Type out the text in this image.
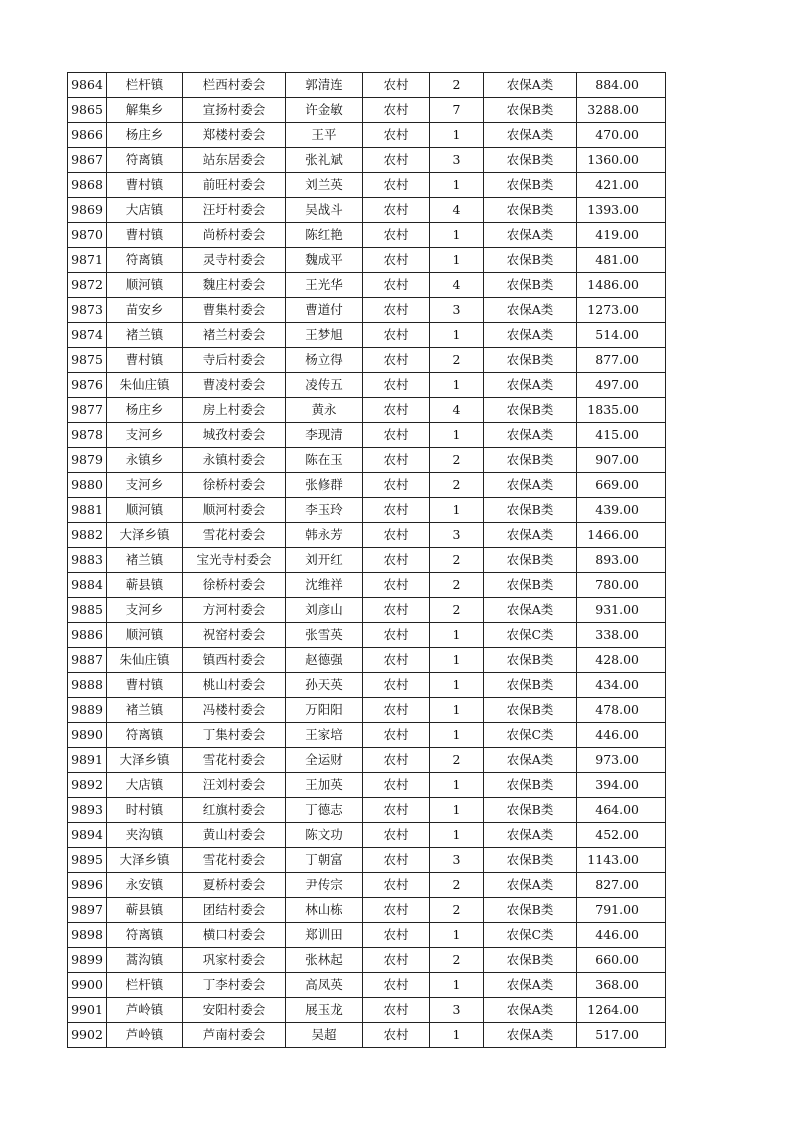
9864	栏杆镇	栏西村委会	郭清连	农村	2	农保A类	884.00
9865	解集乡	宣扬村委会	许金敏	农村	7	农保B类	3288.00
9866	杨庄乡	郑楼村委会	王平	农村	1	农保A类	470.00
9867	符离镇	站东居委会	张礼斌	农村	3	农保B类	1360.00
9868	曹村镇	前旺村委会	刘兰英	农村	1	农保B类	421.00
9869	大店镇	汪圩村委会	吴战斗	农村	4	农保B类	1393.00
9870	曹村镇	尚桥村委会	陈红艳	农村	1	农保A类	419.00
9871	符离镇	灵寺村委会	魏成平	农村	1	农保B类	481.00
9872	顺河镇	魏庄村委会	王光华	农村	4	农保B类	1486.00
9873	苗安乡	曹集村委会	曹道付	农村	3	农保A类	1273.00
9874	褚兰镇	褚兰村委会	王梦旭	农村	1	农保A类	514.00
9875	曹村镇	寺后村委会	杨立得	农村	2	农保B类	877.00
9876	朱仙庄镇	曹凌村委会	凌传五	农村	1	农保A类	497.00
9877	杨庄乡	房上村委会	黄永	农村	4	农保B类	1835.00
9878	支河乡	城孜村委会	李现清	农村	1	农保A类	415.00
9879	永镇乡	永镇村委会	陈在玉	农村	2	农保B类	907.00
9880	支河乡	徐桥村委会	张修群	农村	2	农保A类	669.00
9881	顺河镇	顺河村委会	李玉玲	农村	1	农保B类	439.00
9882	大泽乡镇	雪花村委会	韩永芳	农村	3	农保A类	1466.00
9883	褚兰镇	宝光寺村委会	刘开红	农村	2	农保B类	893.00
9884	蕲县镇	徐桥村委会	沈维祥	农村	2	农保B类	780.00
9885	支河乡	方河村委会	刘彦山	农村	2	农保A类	931.00
9886	顺河镇	祝窑村委会	张雪英	农村	1	农保C类	338.00
9887	朱仙庄镇	镇西村委会	赵德强	农村	1	农保B类	428.00
9888	曹村镇	桃山村委会	孙天英	农村	1	农保B类	434.00
9889	褚兰镇	冯楼村委会	万阳阳	农村	1	农保B类	478.00
9890	符离镇	丁集村委会	王家培	农村	1	农保C类	446.00
9891	大泽乡镇	雪花村委会	全运财	农村	2	农保A类	973.00
9892	大店镇	汪刘村委会	王加英	农村	1	农保B类	394.00
9893	时村镇	红旗村委会	丁德志	农村	1	农保B类	464.00
9894	夹沟镇	黄山村委会	陈文功	农村	1	农保A类	452.00
9895	大泽乡镇	雪花村委会	丁朝富	农村	3	农保B类	1143.00
9896	永安镇	夏桥村委会	尹传宗	农村	2	农保A类	827.00
9897	蕲县镇	团结村委会	林山栋	农村	2	农保B类	791.00
9898	符离镇	横口村委会	郑训田	农村	1	农保C类	446.00
9899	蒿沟镇	巩家村委会	张林起	农村	2	农保B类	660.00
9900	栏杆镇	丁李村委会	高凤英	农村	1	农保A类	368.00
9901	芦岭镇	安阳村委会	展玉龙	农村	3	农保A类	1264.00
9902	芦岭镇	芦南村委会	吴超	农村	1	农保A类	517.00
